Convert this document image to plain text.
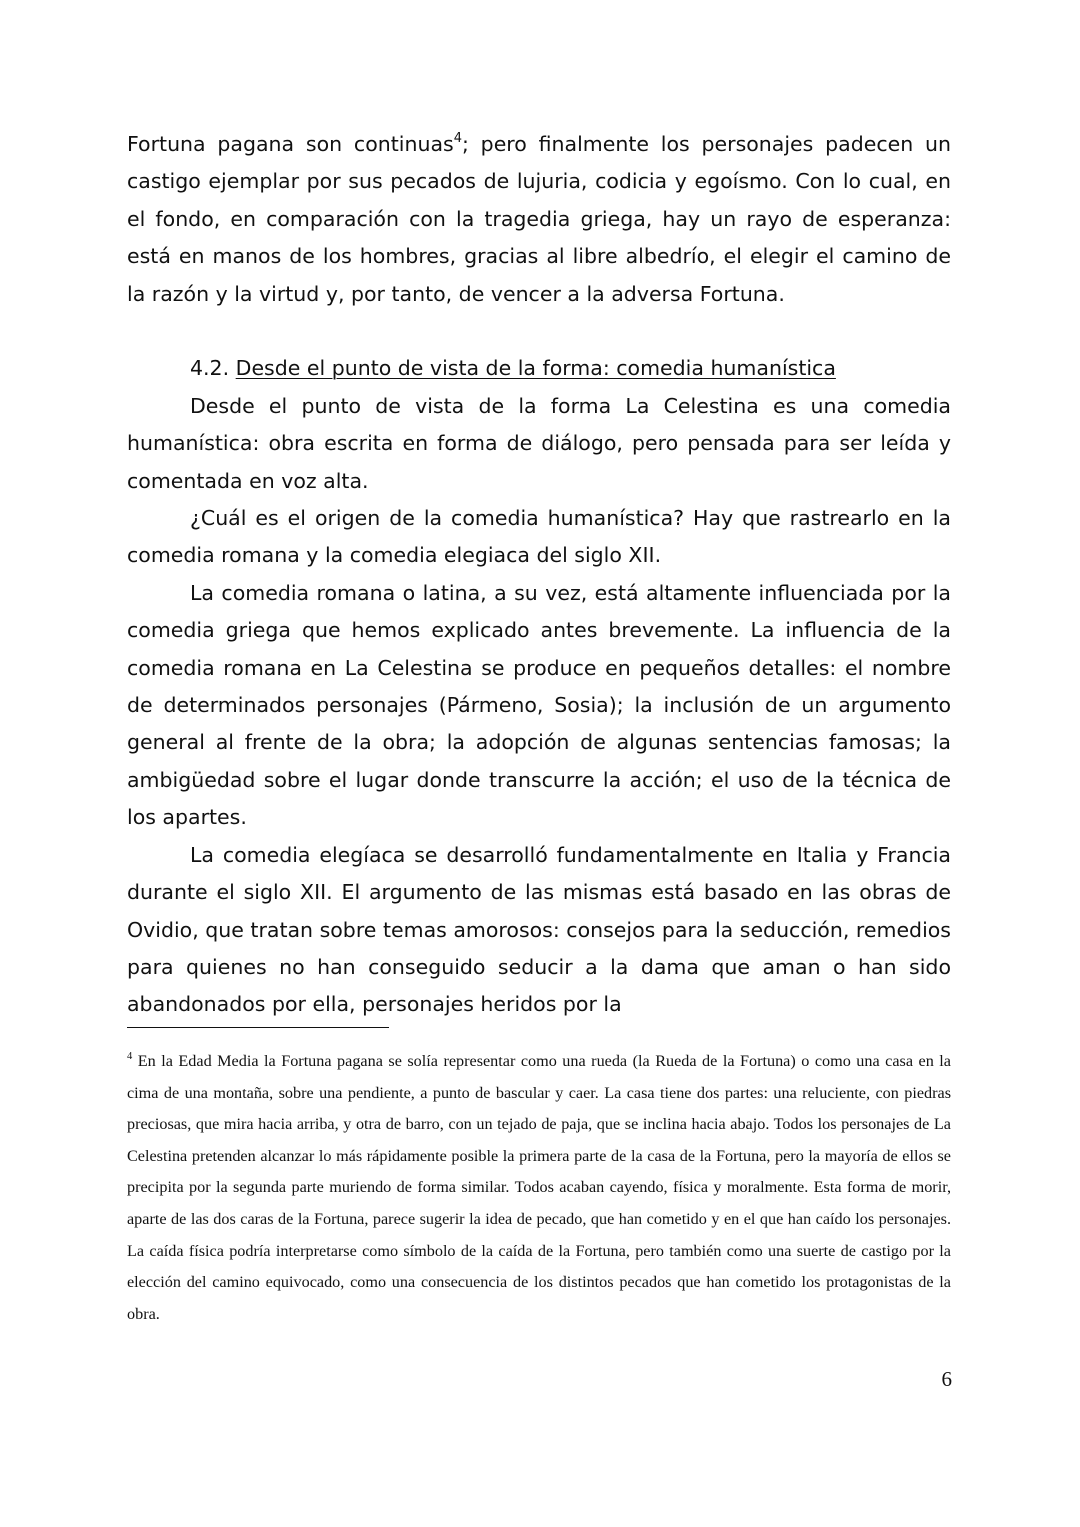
Fortuna pagana son continuas$^4$; pero finalmente los personajes padecen un castigo ejemplar por sus pecados de lujuria, codicia y egoísmo. Con lo cual, en el fondo, en comparación con la tragedia griega, hay un rayo de esperanza: está en manos de los hombres, gracias al libre albedrío, el elegir el camino de la razón y la virtud y, por tanto, de vencer a la adversa Fortuna.

4.2. Desde el punto de vista de la forma: comedia humanística

Desde el punto de vista de la forma La Celestina es una comedia humanística: obra escrita en forma de diálogo, pero pensada para ser leída y comentada en voz alta.

¿Cuál es el origen de la comedia humanística? Hay que rastrearlo en la comedia romana y la comedia elegiaca del siglo XII.

La comedia romana o latina, a su vez, está altamente influenciada por la comedia griega que hemos explicado antes brevemente. La influencia de la comedia romana en La Celestina se produce en pequeños detalles: el nombre de determinados personajes (Pármeno, Sosia); la inclusión de un argumento general al frente de la obra; la adopción de algunas sentencias famosas; la ambigüedad sobre el lugar donde transcurre la acción; el uso de la técnica de los apartes.

La comedia elegíaca se desarrolló fundamentalmente en Italia y Francia durante el siglo XII. El argumento de las mismas está basado en las obras de Ovidio, que tratan sobre temas amorosos: consejos para la seducción, remedios para quienes no han conseguido seducir a la dama que aman o han sido abandonados por ella, personajes heridos por la

$^4$ En la Edad Media la Fortuna pagana se solía representar como una rueda (la Rueda de la Fortuna) o como una casa en la cima de una montaña, sobre una pendiente, a punto de bascular y caer. La casa tiene dos partes: una reluciente, con piedras preciosas, que mira hacia arriba, y otra de barro, con un tejado de paja, que se inclina hacia abajo. Todos los personajes de La Celestina pretenden alcanzar lo más rápidamente posible la primera parte de la casa de la Fortuna, pero la mayoría de ellos se precipita por la segunda parte muriendo de forma similar. Todos acaban cayendo, física y moralmente. Esta forma de morir, aparte de las dos caras de la Fortuna, parece sugerir la idea de pecado, que han cometido y en el que han caído los personajes. La caída física podría interpretarse como símbolo de la caída de la Fortuna, pero también como una suerte de castigo por la elección del camino equivocado, como una consecuencia de los distintos pecados que han cometido los protagonistas de la obra.

6
